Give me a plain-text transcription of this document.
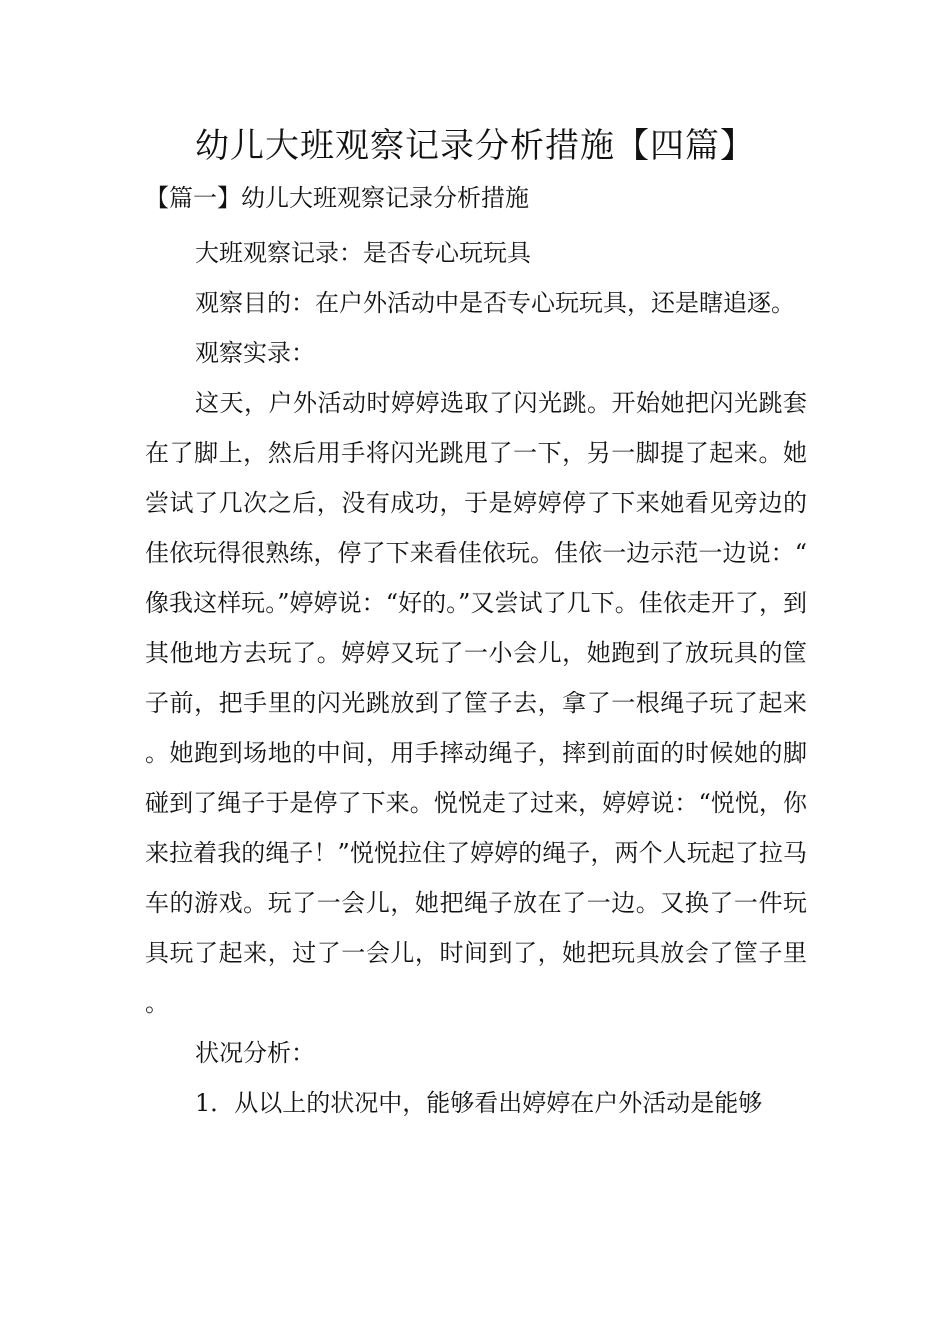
幼儿大班观察记录分析措施【四篇】
【篇一】幼儿大班观察记录分析措施

大班观察记录：是否专心玩玩具

观察目的：在户外活动中是否专心玩玩具，还是瞎追逐。

观察实录：

这天，户外活动时婷婷选取了闪光跳。开始她把闪光跳套在了脚上，然后用手将闪光跳甩了一下，另一脚提了起来。她尝试了几次之后，没有成功，于是婷婷停了下来她看见旁边的佳依玩得很熟练，停了下来看佳依玩。佳依一边示范一边说：“像我这样玩。”婷婷说：“好的。”又尝试了几下。佳依走开了，到其他地方去玩了。婷婷又玩了一小会儿，她跑到了放玩具的筐子前，把手里的闪光跳放到了筐子去，拿了一根绳子玩了起来。她跑到场地的中间，用手摔动绳子，摔到前面的时候她的脚碰到了绳子于是停了下来。悦悦走了过来，婷婷说：“悦悦，你来拉着我的绳子！”悦悦拉住了婷婷的绳子，两个人玩起了拉马车的游戏。玩了一会儿，她把绳子放在了一边。又换了一件玩具玩了起来，过了一会儿，时间到了，她把玩具放会了筐子里。

状况分析：

1．从以上的状况中，能够看出婷婷在户外活动是能够
